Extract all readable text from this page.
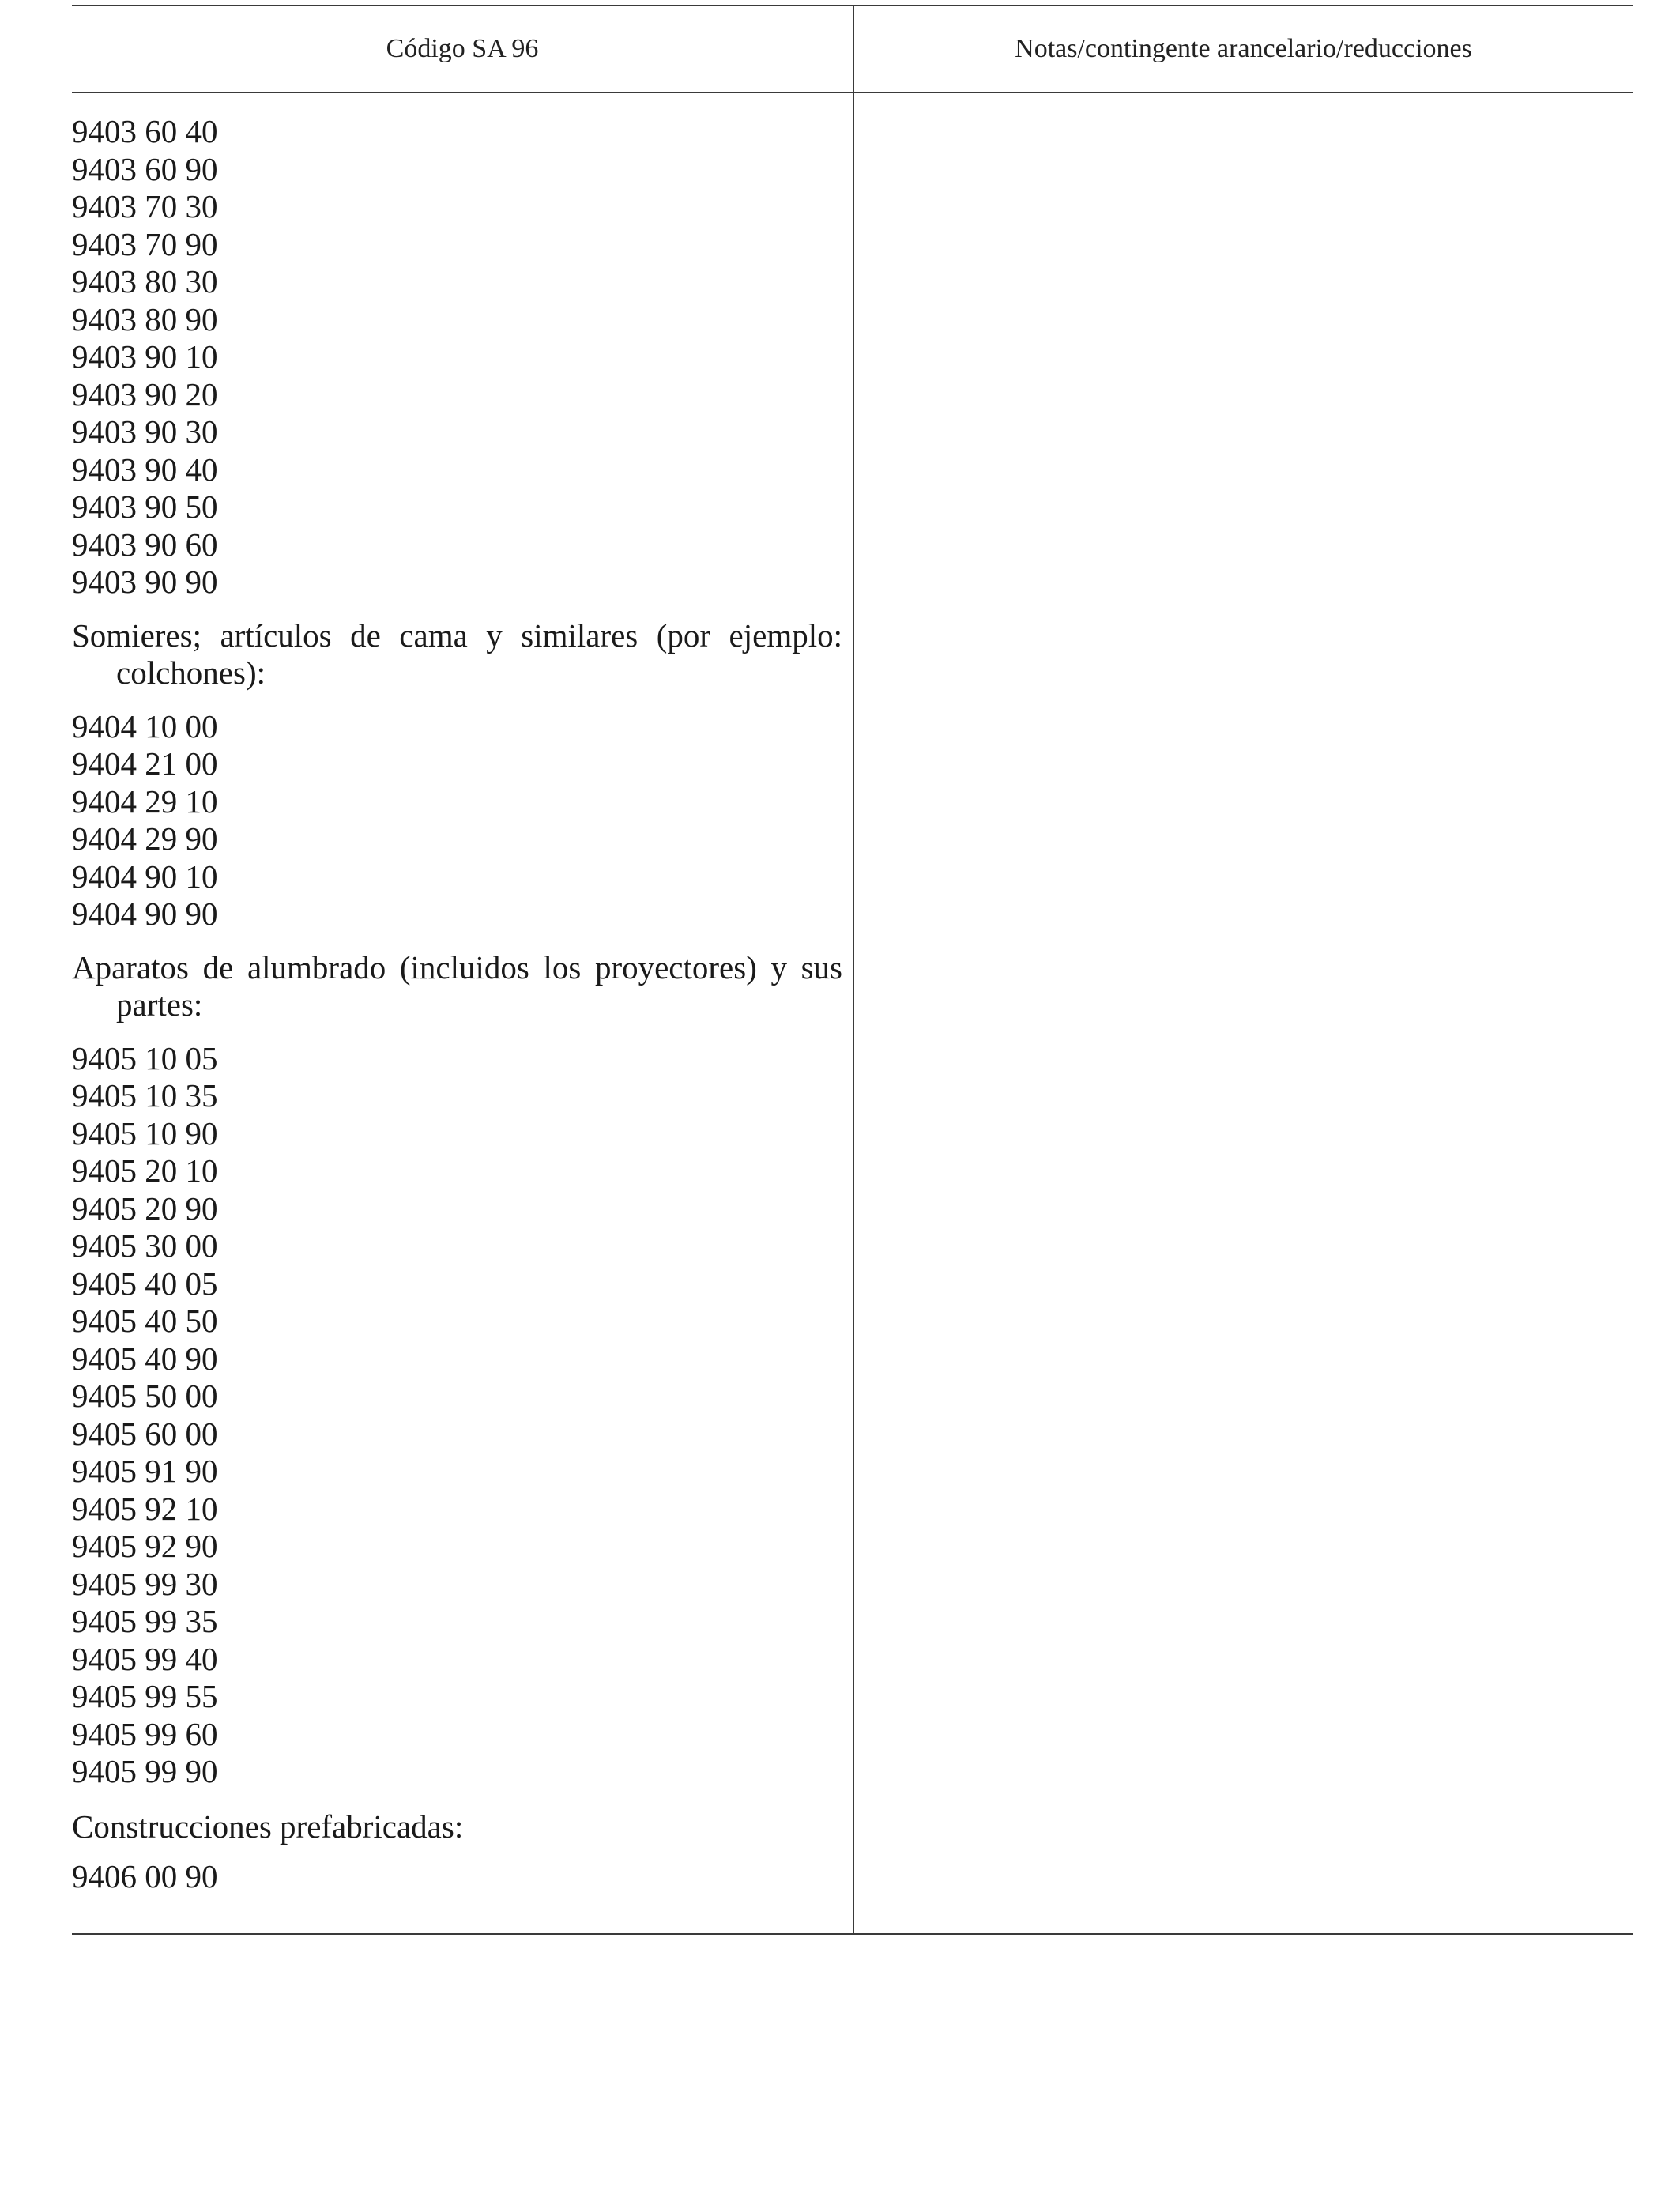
Código SA 96	Notas/contingente arancelario/reducciones
9403 60 40
9403 60 90
9403 70 30
9403 70 90
9403 80 30
9403 80 90
9403 90 10
9403 90 20
9403 90 30
9403 90 40
9403 90 50
9403 90 60
9403 90 90
Somieres; artículos de cama y similares (por ejemplo: colchones):
9404 10 00
9404 21 00
9404 29 10
9404 29 90
9404 90 10
9404 90 90
Aparatos de alumbrado (incluidos los proyectores) y sus partes:
9405 10 05
9405 10 35
9405 10 90
9405 20 10
9405 20 90
9405 30 00
9405 40 05
9405 40 50
9405 40 90
9405 50 00
9405 60 00
9405 91 90
9405 92 10
9405 92 90
9405 99 30
9405 99 35
9405 99 40
9405 99 55
9405 99 60
9405 99 90
Construcciones prefabricadas:
9406 00 90
